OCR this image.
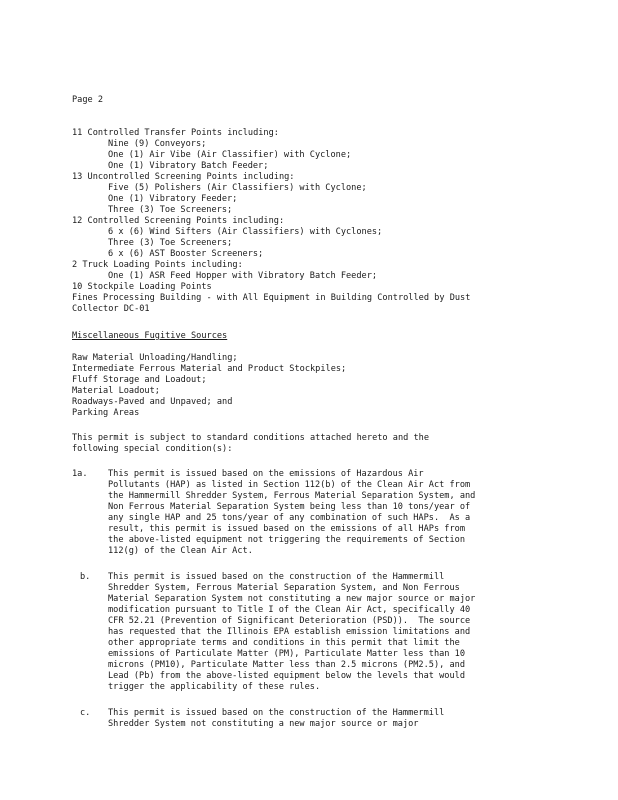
Page 2
11 Controlled Transfer Points including:
Nine (9) Conveyors;
One (1) Air Vibe (Air Classifier) with Cyclone;
One (1) Vibratory Batch Feeder;
13 Uncontrolled Screening Points including:
Five (5) Polishers (Air Classifiers) with Cyclone;
One (1) Vibratory Feeder;
Three (3) Toe Screeners;
12 Controlled Screening Points including:
6 x (6) Wind Sifters (Air Classifiers) with Cyclones;
Three (3) Toe Screeners;
6 x (6) AST Booster Screeners;
2 Truck Loading Points including:
One (1) ASR Feed Hopper with Vibratory Batch Feeder;
10 Stockpile Loading Points
Fines Processing Building - with All Equipment in Building Controlled by Dust
Collector DC-01
Miscellaneous Fugitive Sources
Raw Material Unloading/Handling;
Intermediate Ferrous Material and Product Stockpiles;
Fluff Storage and Loadout;
Material Loadout;
Roadways-Paved and Unpaved; and
Parking Areas
This permit is subject to standard conditions attached hereto and the
following special condition(s):
1a. This permit is issued based on the emissions of Hazardous Air
Pollutants (HAP) as listed in Section 112(b) of the Clean Air Act from
the Hammermill Shredder System, Ferrous Material Separation System, and
Non Ferrous Material Separation System being less than 10 tons/year of
any single HAP and 25 tons/year of any combination of such HAPs.  As a
result, this permit is issued based on the emissions of all HAPs from
the above-listed equipment not triggering the requirements of Section
112(g) of the Clean Air Act.
b. This permit is issued based on the construction of the Hammermill
Shredder System, Ferrous Material Separation System, and Non Ferrous
Material Separation System not constituting a new major source or major
modification pursuant to Title I of the Clean Air Act, specifically 40
CFR 52.21 (Prevention of Significant Deterioration (PSD)).  The source
has requested that the Illinois EPA establish emission limitations and
other appropriate terms and conditions in this permit that limit the
emissions of Particulate Matter (PM), Particulate Matter less than 10
microns (PM10), Particulate Matter less than 2.5 microns (PM2.5), and
Lead (Pb) from the above-listed equipment below the levels that would
trigger the applicability of these rules.
c. This permit is issued based on the construction of the Hammermill
Shredder System not constituting a new major source or major
